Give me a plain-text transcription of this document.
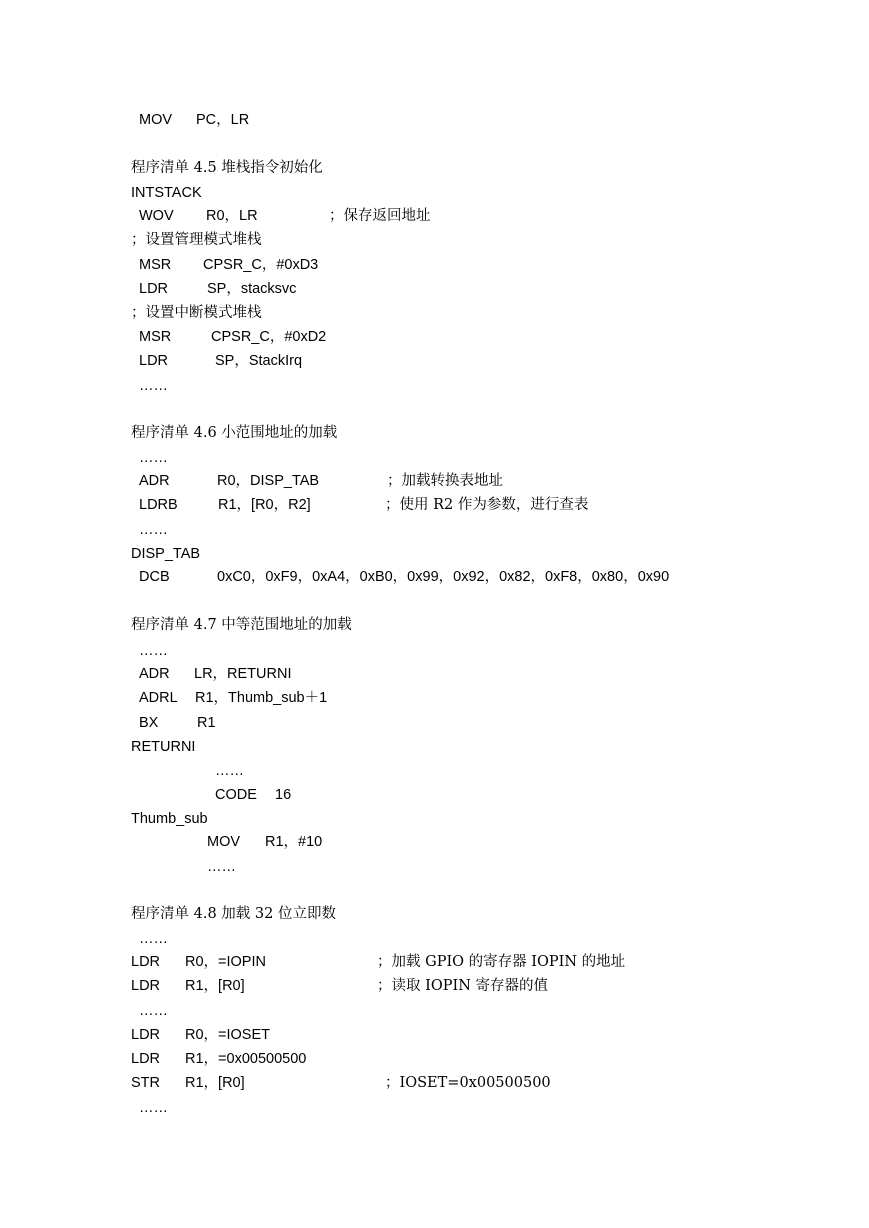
MOV PC，LR
程序清单 4.5 堆栈指令初始化
INTSTACK
WOV R0，LR	；保存返回地址
；设置管理模式堆栈
MSR CPSR_C，#0xD3
LDR	SP，stacksvc
；设置中断模式堆栈
MSR	CPSR_C，#0xD2
LDR	SP，StackIrq
……
程序清单 4.6 小范围地址的加载
……
ADR	R0，DISP_TAB	；加载转换表地址
LDRB	R1，[R0，R2]	；使用 R2 作为参数，进行查表
……
DISP_TAB
DCB	0xC0，0xF9，0xA4，0xB0，0x99，0x92，0x82，0xF8，0x80，0x90
程序清单 4.7 中等范围地址的加载
……
ADR LR，RETURNI
ADRL R1，Thumb_sub＋1
BX	R1
RETURNI
……
CODE 16
Thumb_sub
MOV R1，#10
……
程序清单 4.8 加载 32 位立即数
……
LDR R0，=IOPIN	；加载 GPIO 的寄存器 IOPIN 的地址
LDR R1，[R0]	；读取 IOPIN 寄存器的值
……
LDR R0，=IOSET
LDR R1，=0x00500500
STR R1，[R0]	；IOSET=0x00500500
……
